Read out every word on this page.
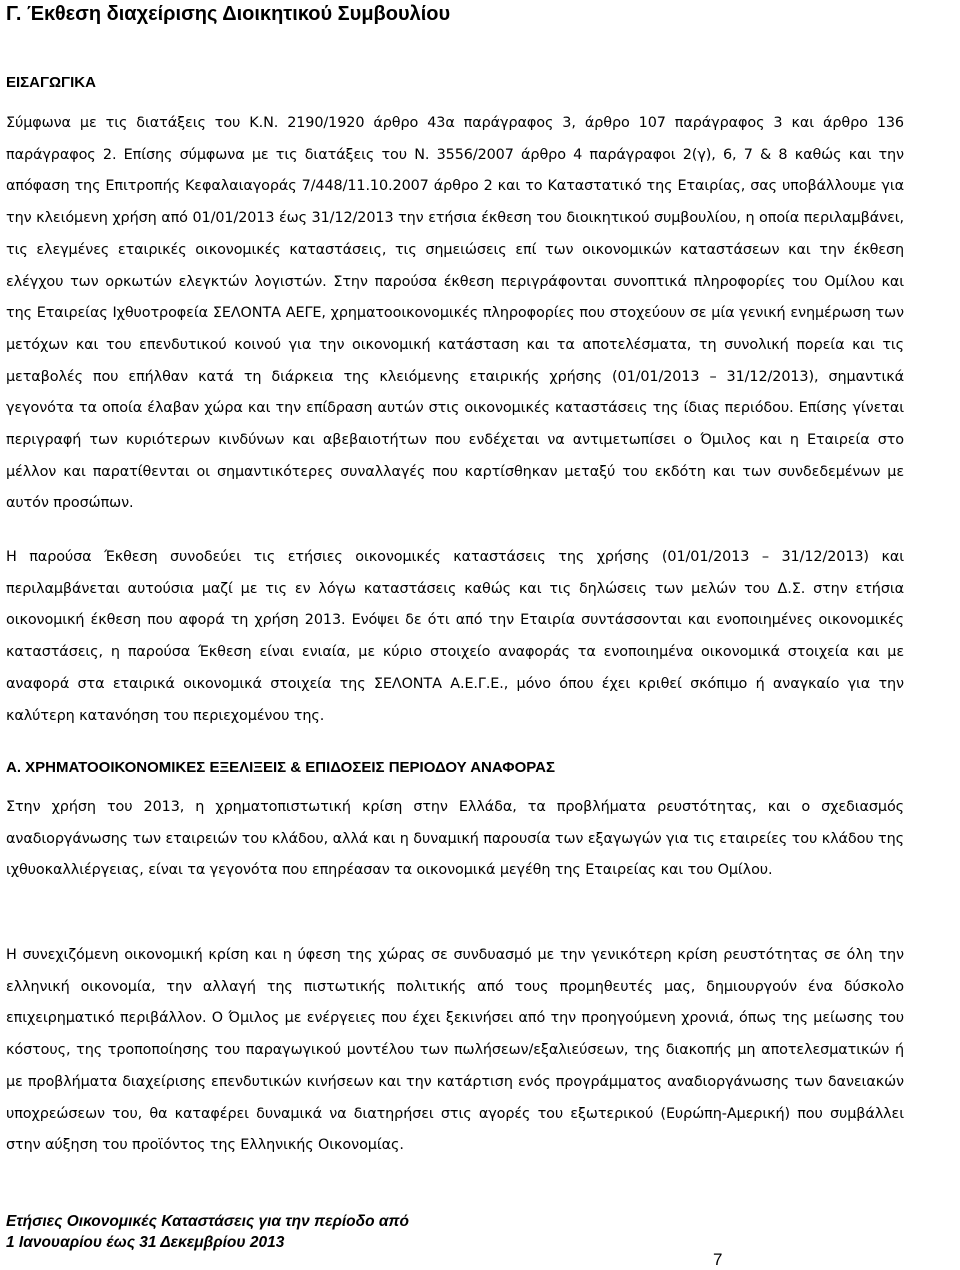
Γ. Έκθεση διαχείρισης Διοικητικού Συμβουλίου
ΕΙΣΑΓΩΓΙΚΑ

Σύμφωνα με τις διατάξεις του Κ.Ν. 2190/1920 άρθρο 43α παράγραφος 3, άρθρο 107 παράγραφος 3 και άρθρο 136 παράγραφος 2. Επίσης σύμφωνα με τις διατάξεις του Ν. 3556/2007 άρθρο 4 παράγραφοι 2(γ), 6, 7 & 8 καθώς και την απόφαση της Επιτροπής Κεφαλαιαγοράς 7/448/11.10.2007 άρθρο 2 και το Καταστατικό της Εταιρίας, σας υποβάλλουμε για την κλειόμενη χρήση από 01/01/2013 έως 31/12/2013 την ετήσια έκθεση του διοικητικού συμβουλίου, η οποία περιλαμβάνει, τις ελεγμένες εταιρικές οικονομικές καταστάσεις, τις σημειώσεις επί των οικονομικών καταστάσεων και την έκθεση ελέγχου των ορκωτών ελεγκτών λογιστών. Στην παρούσα έκθεση περιγράφονται συνοπτικά πληροφορίες του Ομίλου και της Εταιρείας Ιχθυοτροφεία ΣΕΛΟΝΤΑ ΑΕΓΕ, χρηματοοικονομικές πληροφορίες που στοχεύουν σε μία γενική ενημέρωση των μετόχων και του επενδυτικού κοινού για την οικονομική κατάσταση και τα αποτελέσματα, τη συνολική πορεία και τις μεταβολές που επήλθαν κατά τη διάρκεια της κλειόμενης εταιρικής χρήσης (01/01/2013 – 31/12/2013), σημαντικά γεγονότα τα οποία έλαβαν χώρα και την επίδραση αυτών στις οικονομικές καταστάσεις της ίδιας περιόδου. Επίσης γίνεται περιγραφή των κυριότερων κινδύνων και αβεβαιοτήτων που ενδέχεται να αντιμετωπίσει ο Όμιλος και η Εταιρεία στο μέλλον και παρατίθενται οι σημαντικότερες συναλλαγές που καρτίσθηκαν μεταξύ του εκδότη και των συνδεδεμένων με αυτόν προσώπων.

Η παρούσα Έκθεση συνοδεύει τις ετήσιες οικονομικές καταστάσεις της χρήσης (01/01/2013 – 31/12/2013) και περιλαμβάνεται αυτούσια μαζί με τις εν λόγω καταστάσεις καθώς και τις δηλώσεις των μελών του Δ.Σ. στην ετήσια οικονομική έκθεση που αφορά τη χρήση 2013. Ενόψει δε ότι από την Εταιρία συντάσσονται και ενοποιημένες οικονομικές καταστάσεις, η παρούσα Έκθεση είναι ενιαία, με κύριο στοιχείο αναφοράς τα ενοποιημένα οικονομικά στοιχεία και με αναφορά στα εταιρικά οικονομικά στοιχεία της ΣΕΛΟΝΤΑ Α.Ε.Γ.Ε., μόνο όπου έχει κριθεί σκόπιμο ή αναγκαίο για την καλύτερη κατανόηση του περιεχομένου της.

Α. ΧΡΗΜΑΤΟΟΙΚΟΝΟΜΙΚΕΣ ΕΞΕΛΙΞΕΙΣ & ΕΠΙΔΟΣΕΙΣ ΠΕΡΙΟΔΟΥ ΑΝΑΦΟΡΑΣ

Στην χρήση του 2013, η χρηματοπιστωτική κρίση στην Ελλάδα, τα προβλήματα ρευστότητας, και ο σχεδιασμός αναδιοργάνωσης των εταιρειών του κλάδου, αλλά και η δυναμική παρουσία των εξαγωγών για τις εταιρείες του κλάδου της ιχθυοκαλλιέργειας, είναι τα γεγονότα που επηρέασαν τα οικονομικά μεγέθη της Εταιρείας και του Ομίλου.

Η συνεχιζόμενη οικονομική κρίση και η ύφεση της χώρας σε συνδυασμό με την γενικότερη κρίση ρευστότητας σε όλη την ελληνική οικονομία, την αλλαγή της πιστωτικής πολιτικής από τους προμηθευτές μας, δημιουργούν ένα δύσκολο επιχειρηματικό περιβάλλον. Ο Όμιλος με ενέργειες που έχει ξεκινήσει από την προηγούμενη χρονιά, όπως της μείωσης του κόστους, της τροποποίησης του παραγωγικού μοντέλου των πωλήσεων/εξαλιεύσεων, της διακοπής μη αποτελεσματικών ή με προβλήματα διαχείρισης επενδυτικών κινήσεων και την κατάρτιση ενός προγράμματος αναδιοργάνωσης των δανειακών υποχρεώσεων του, θα καταφέρει δυναμικά να διατηρήσει στις αγορές του εξωτερικού (Ευρώπη-Αμερική) που συμβάλλει στην αύξηση του προϊόντος της Ελληνικής Οικονομίας.

Ετήσιες Οικονομικές Καταστάσεις για την περίοδο από
1 Ιανουαρίου έως 31 Δεκεμβρίου 2013
7
